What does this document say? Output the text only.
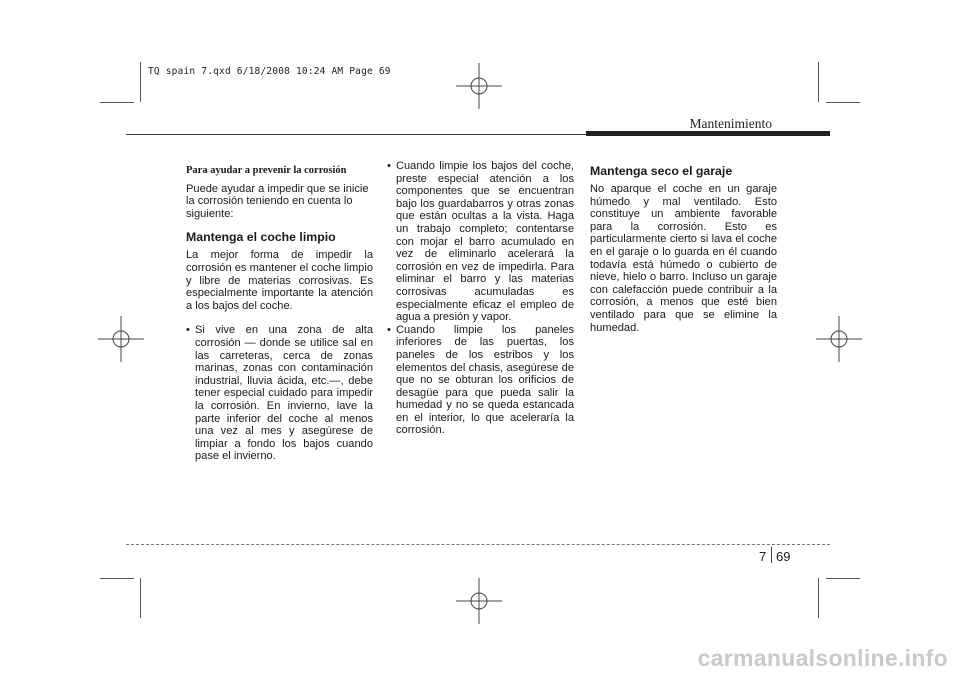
TQ spain 7.qxd 6/18/2008 10:24 AM Page 69
Mantenimiento
Para ayudar a prevenir la corrosión

Puede ayudar a impedir que se inicie la corrosión teniendo en cuenta lo siguiente:

Mantenga el coche limpio

La mejor forma de impedir la corrosión es mantener el coche limpio y libre de materias corrosivas. Es especialmente importante la atención a los bajos del coche.

• Si vive en una zona de alta corrosión — donde se utilice sal en las carreteras, cerca de zonas marinas, zonas con contaminación industrial, lluvia ácida, etc.—, debe tener especial cuidado para impedir la corrosión. En invierno, lave la parte inferior del coche al menos una vez al mes y asegúrese de limpiar a fondo los bajos cuando pase el invierno.
• Cuando limpie los bajos del coche, preste especial atención a los componentes que se encuentran bajo los guardabarros y otras zonas que están ocultas a la vista. Haga un trabajo completo; contentarse con mojar el barro acumulado en vez de eliminarlo acelerará la corrosión en vez de impedirla. Para eliminar el barro y las materias corrosivas acumuladas es especialmente eficaz el empleo de agua a presión y vapor.
• Cuando limpie los paneles inferiores de las puertas, los paneles de los estribos y los elementos del chasis, asegúrese de que no se obturan los orificios de desagüe para que pueda salir la humedad y no se queda estancada en el interior, lo que aceleraría la corrosión.
Mantenga seco el garaje

No aparque el coche en un garaje húmedo y mal ventilado. Esto constituye un ambiente favorable para la corrosión. Esto es particularmente cierto si lava el coche en el garaje o lo guarda en él cuando todavía está húmedo o cubierto de nieve, hielo o barro. Incluso un garaje con calefacción puede contribuir a la corrosión, a menos que esté bien ventilado para que se elimine la humedad.

7 69
carmanualsonline.info
